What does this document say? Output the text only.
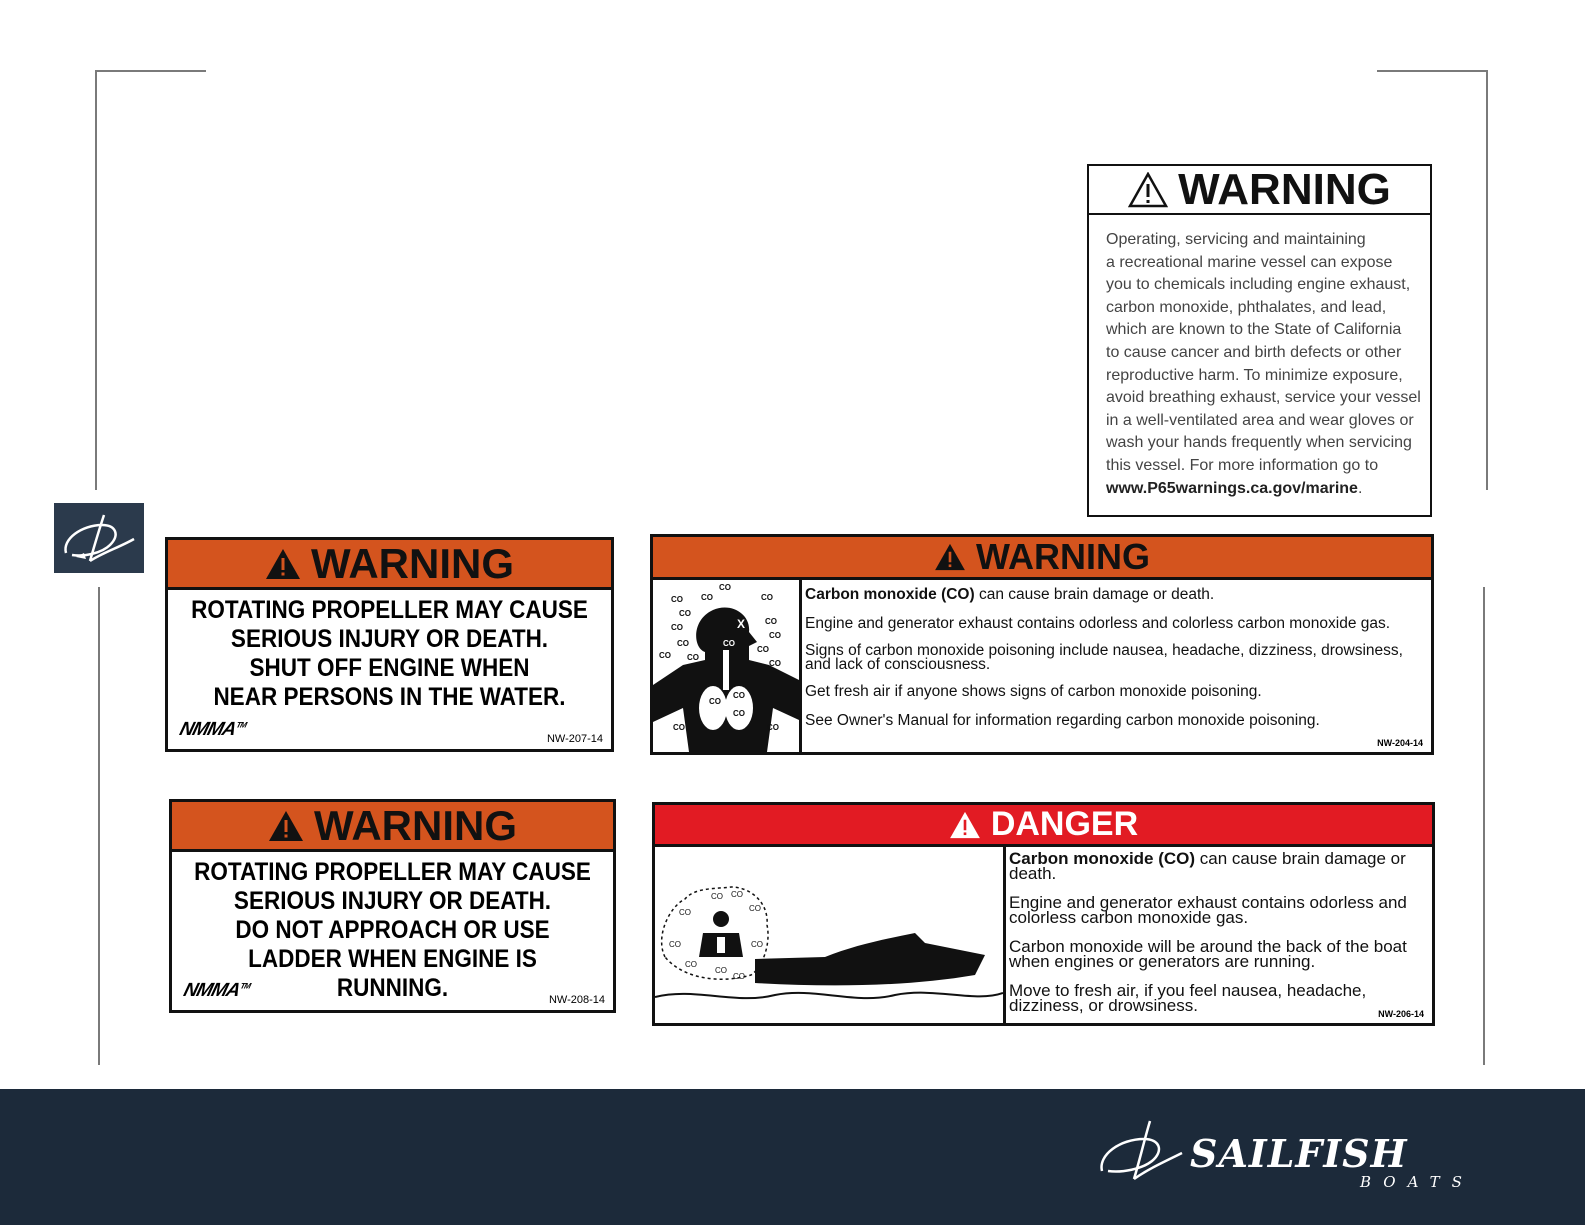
WARNING

Operating, servicing and maintaining

a recreational marine vessel can expose

you to chemicals including engine exhaust,

carbon monoxide, phthalates, and lead,

which are known to the State of California

to cause cancer and birth defects or other

reproductive harm. To minimize exposure,

avoid breathing exhaust, service your vessel

in a well-ventilated area and wear gloves or

wash your hands frequently when servicing

this vessel. For more information go to

www.P65warnings.ca.gov/marine.

WARNING
ROTATING PROPELLER MAY CAUSE
SERIOUS INJURY OR DEATH.
SHUT OFF ENGINE WHEN
NEAR PERSONS IN THE WATER.
NMMA™
NW-207-14
WARNING
ROTATING PROPELLER MAY CAUSE
SERIOUS INJURY OR DEATH.
DO NOT APPROACH OR USE
LADDER WHEN ENGINE IS RUNNING.
NMMA™
NW-208-14
WARNING
X
CO CO
CO
CO
CO
CO
CO
CO
CO
CO CO
CO
CO
CO	CO
CO
CO
CO
CO

Carbon monoxide (CO) can cause brain damage or death.

Engine and generator exhaust contains odorless and colorless carbon monoxide gas.

Signs of carbon monoxide poisoning include nausea, headache, dizziness, drowsiness, and lack of consciousness.

Get fresh air if anyone shows signs of carbon monoxide poisoning.

See Owner's Manual for information regarding carbon monoxide poisoning.

NW-204-14
DANGER
CO CO
CO	CO
CO	CO
CO
CO
CO

Carbon monoxide (CO) can cause brain damage or death.

Engine and generator exhaust contains odorless and colorless carbon monoxide gas.

Carbon monoxide will be around the back of the boat when engines or generators are running.

Move to fresh air, if you feel nausea, headache, dizziness, or drowsiness.	NW-206-14
SAILFISH
BOATS
